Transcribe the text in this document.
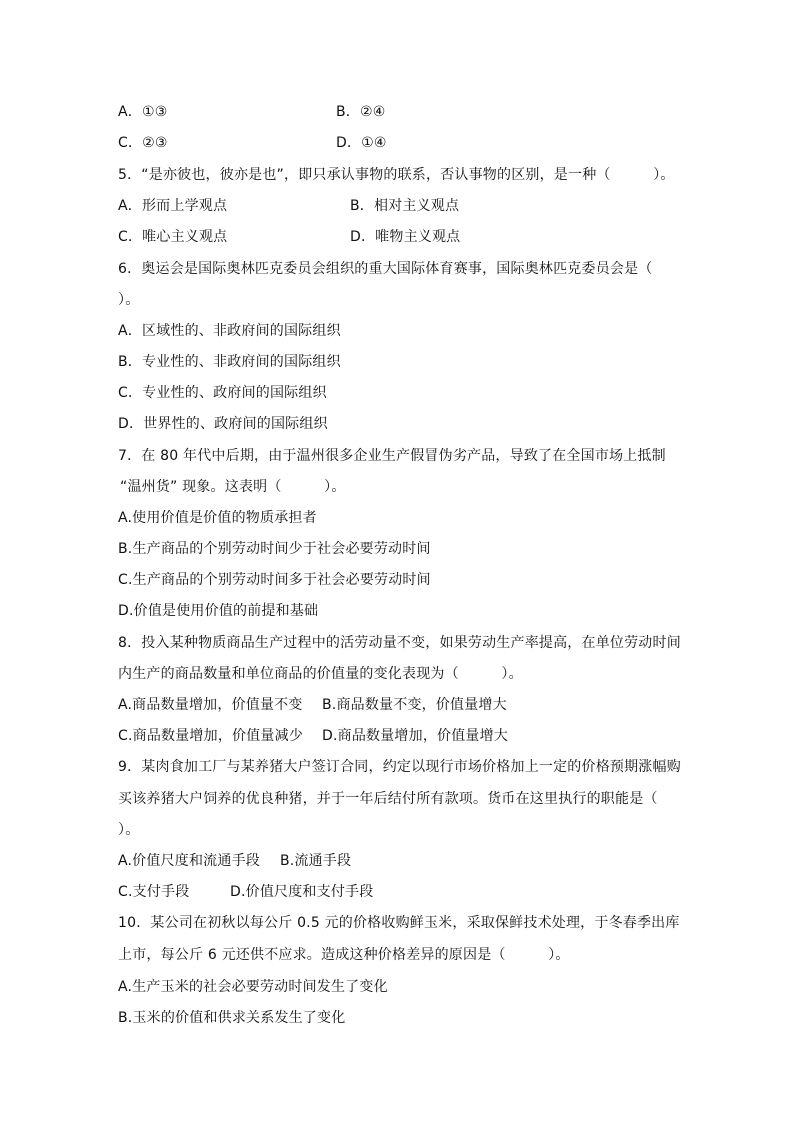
A．①③	B．②④
C．②③	D．①④
5．“是亦彼也，彼亦是也”，即只承认事物的联系，否认事物的区别，是一种（　　　）。
A．形而上学观点	B．相对主义观点
C．唯心主义观点	D．唯物主义观点
6．奥运会是国际奥林匹克委员会组织的重大国际体育赛事，国际奥林匹克委员会是（
）。
A．区域性的、非政府间的国际组织
B．专业性的、非政府间的国际组织
C．专业性的、政府间的国际组织
D．世界性的、政府间的国际组织
7．在 80 年代中后期，由于温州很多企业生产假冒伪劣产品，导致了在全国市场上抵制
“温州货” 现象。这表明（　　　）。
A.使用价值是价值的物质承担者
B.生产商品的个别劳动时间少于社会必要劳动时间
C.生产商品的个别劳动时间多于社会必要劳动时间
D.价值是使用价值的前提和基础
8．投入某种物质商品生产过程中的活劳动量不变，如果劳动生产率提高，在单位劳动时间
内生产的商品数量和单位商品的价值量的变化表现为（　　　）。
A.商品数量增加，价值量不变 B.商品数量不变，价值量增大
C.商品数量增加，价值量减少 D.商品数量增加，价值量增大
9．某肉食加工厂与某养猪大户签订合同，约定以现行市场价格加上一定的价格预期涨幅购
买该养猪大户饲养的优良种猪，并于一年后结付所有款项。货币在这里执行的职能是（
）。
A.价值尺度和流通手段 B.流通手段
C.支付手段	D.价值尺度和支付手段
10．某公司在初秋以每公斤 0.5 元的价格收购鲜玉米，采取保鲜技术处理，于冬春季出库
上市，每公斤 6 元还供不应求。造成这种价格差异的原因是（　　　）。
A.生产玉米的社会必要劳动时间发生了变化
B.玉米的价值和供求关系发生了变化
